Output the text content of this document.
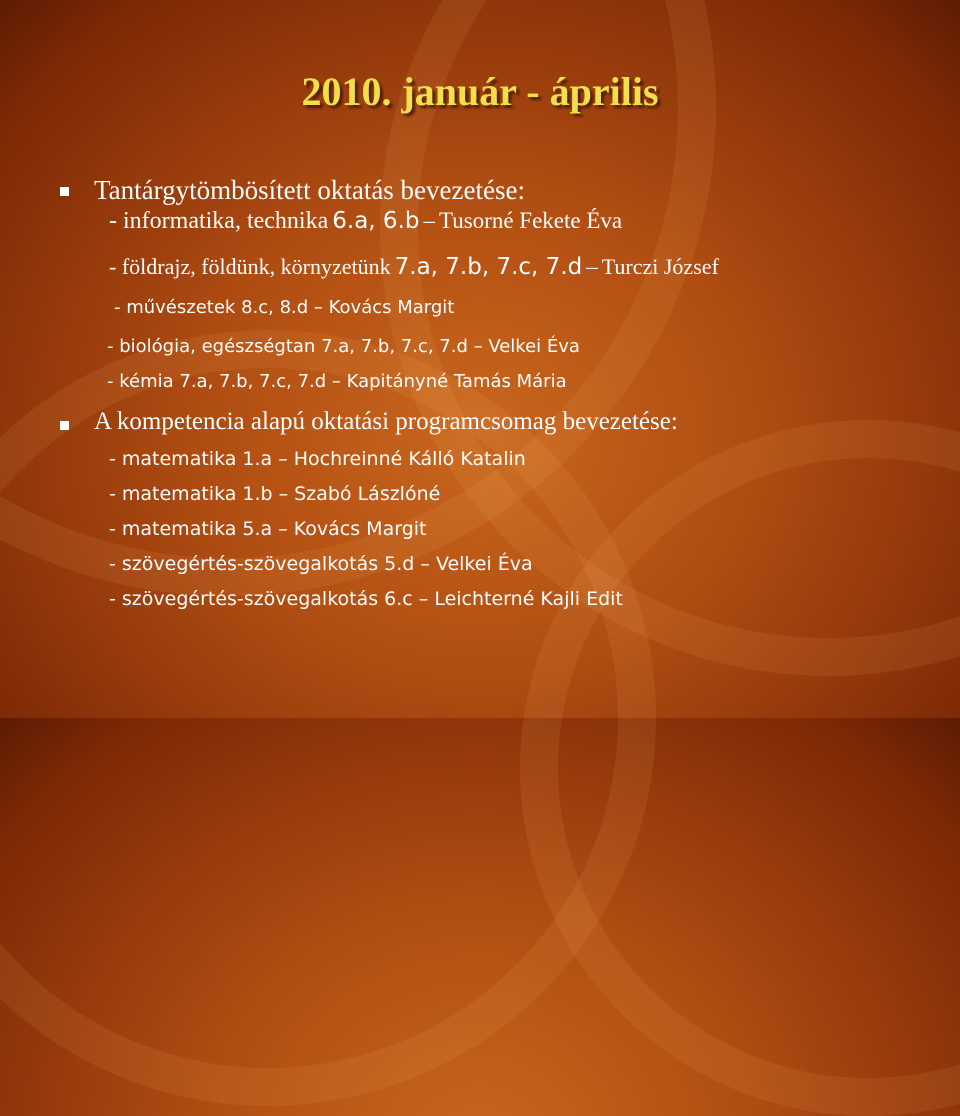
2010. január - április
Tantárgytömbösített oktatás bevezetése:
- informatika, technika 6.a, 6.b – Tusorné Fekete Éva
- földrajz, földünk, környzetünk 7.a, 7.b, 7.c, 7.d – Turczi József
- művészetek 8.c, 8.d – Kovács Margit
- biológia, egészségtan 7.a, 7.b, 7.c, 7.d – Velkei Éva
- kémia 7.a, 7.b, 7.c, 7.d – Kapitányné Tamás Mária
A kompetencia alapú oktatási programcsomag bevezetése:
- matematika 1.a – Hochreinné Kálló Katalin
- matematika 1.b – Szabó Lászlóné
- matematika 5.a – Kovács Margit
- szövegértés-szövegalkotás 5.d – Velkei Éva
- szövegértés-szövegalkotás 6.c – Leichterné Kajli Edit
